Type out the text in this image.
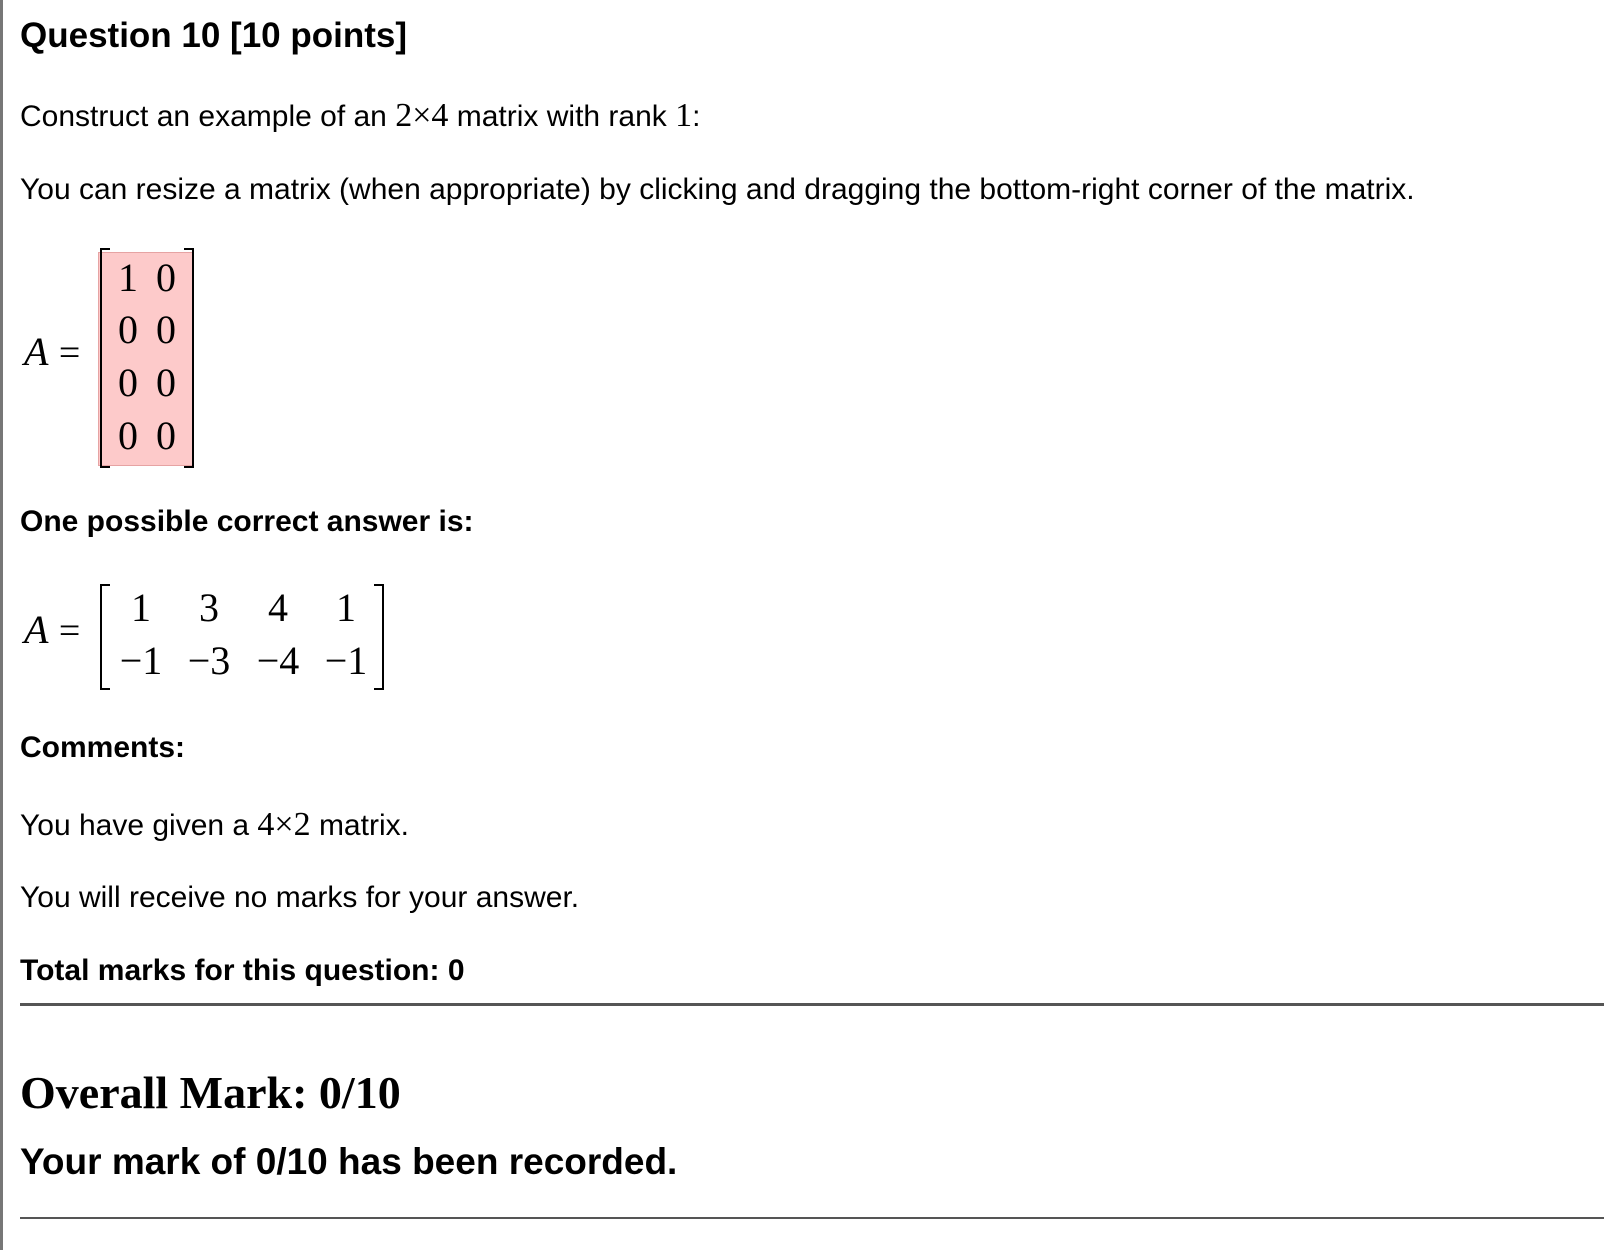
Question 10 [10 points]

Construct an example of an 2×4 matrix with rank 1:

You can resize a matrix (when appropriate) by clicking and dragging the bottom-right corner of the matrix.

A =
1 0
0 0
0 0
0 0

One possible correct answer is:

A =
1	3	4	1
−1 −3 −4 −1

Comments:

You have given a 4×2 matrix.

You will receive no marks for your answer.

Total marks for this question: 0

Overall Mark: 0/10
Your mark of 0/10 has been recorded.
